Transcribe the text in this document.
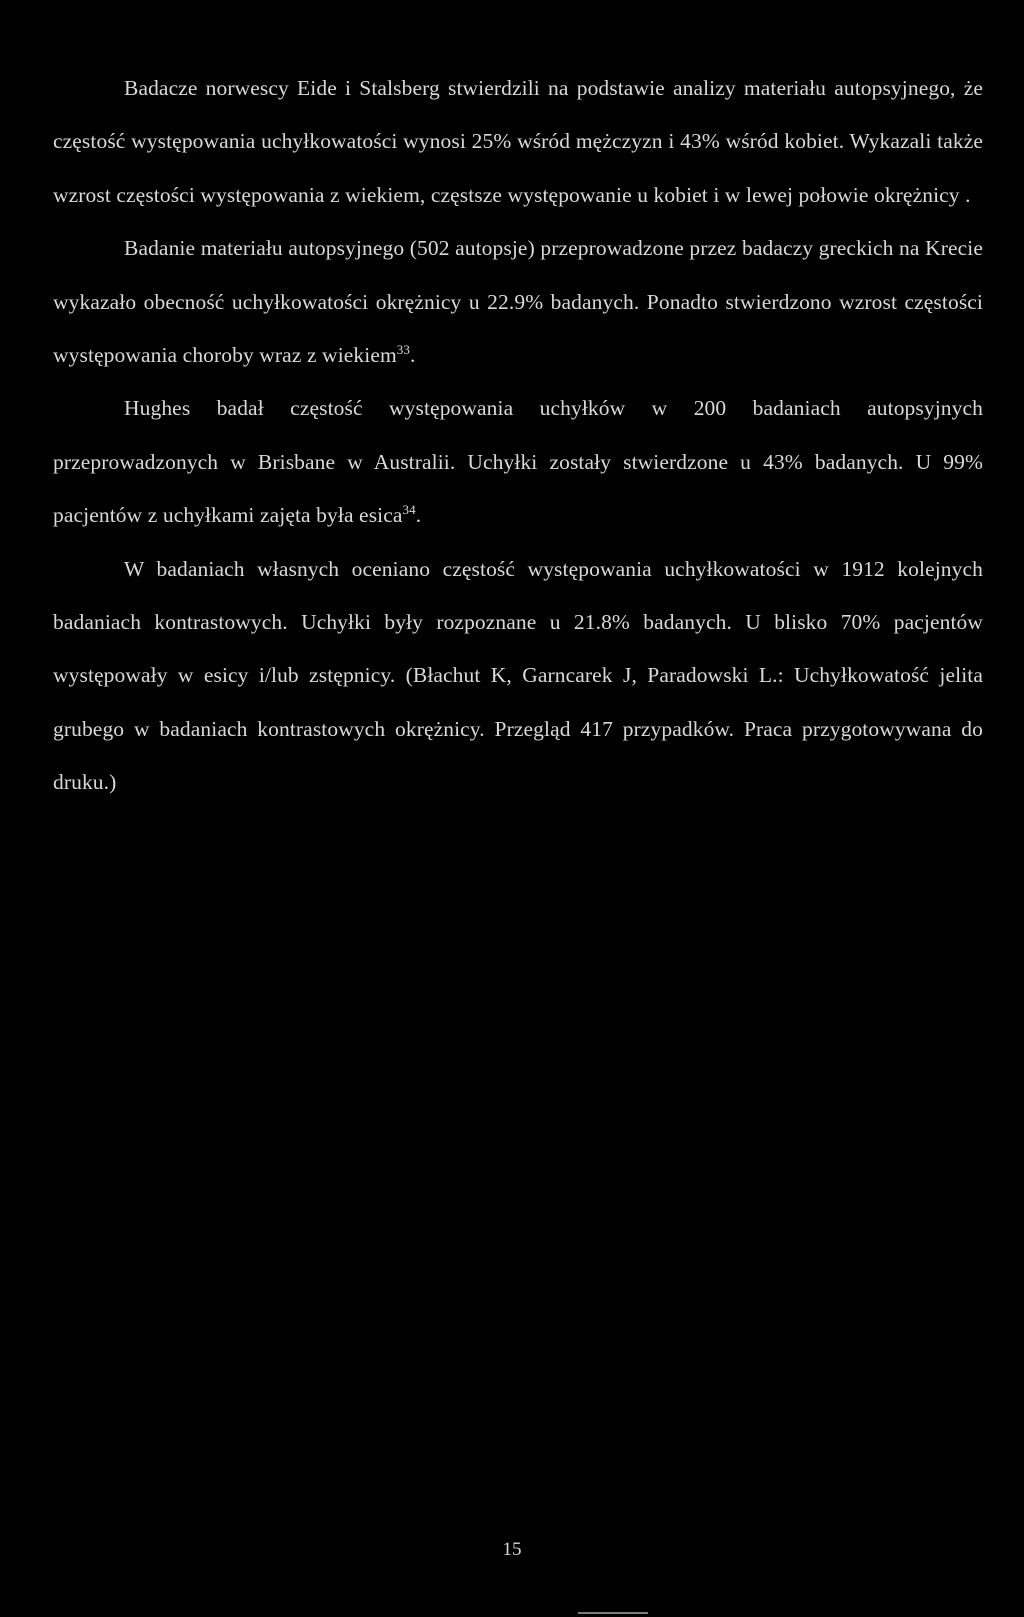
Badacze norwescy Eide i Stalsberg stwierdzili na podstawie analizy materiału autopsyjnego, że częstość występowania uchyłkowatości wynosi 25% wśród mężczyzn i 43% wśród kobiet. Wykazali także wzrost częstości występowania z wiekiem, częstsze występowanie u kobiet i w lewej połowie okrężnicy .

Badanie materiału autopsyjnego (502 autopsje) przeprowadzone przez badaczy greckich na Krecie wykazało obecność uchyłkowatości okrężnicy u 22.9% badanych. Ponadto stwierdzono wzrost częstości występowania choroby wraz z wiekiem$^{33}$.

Hughes badał częstość występowania uchyłków w 200 badaniach autopsyjnych przeprowadzonych w Brisbane w Australii. Uchyłki zostały stwierdzone u 43% badanych. U 99% pacjentów z uchyłkami zajęta była esica$^{34}$.

W badaniach własnych oceniano częstość występowania uchyłkowatości w 1912 kolejnych badaniach kontrastowych. Uchyłki były rozpoznane u 21.8% badanych. U blisko 70% pacjentów występowały w esicy i/lub zstępnicy. (Błachut K, Garncarek J, Paradowski L.: Uchyłkowatość jelita grubego w badaniach kontrastowych okrężnicy. Przegląd 417 przypadków. Praca przygotowywana do druku.)

15
